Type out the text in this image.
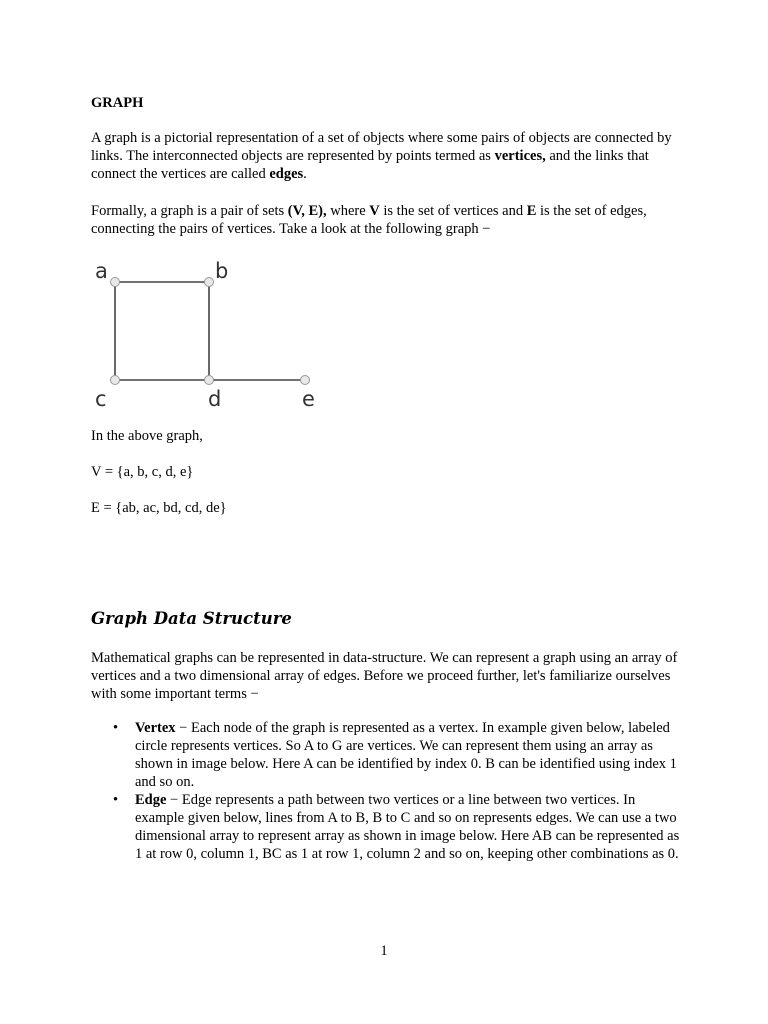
GRAPH
A graph is a pictorial representation of a set of objects where some pairs of objects are connected by links. The interconnected objects are represented by points termed as vertices, and the links that connect the vertices are called edges.
Formally, a graph is a pair of sets (V, E), where V is the set of vertices and E is the set of edges, connecting the pairs of vertices. Take a look at the following graph −
a	b
c	d	e
In the above graph,
V = {a, b, c, d, e}
E = {ab, ac, bd, cd, de}
Graph Data Structure
Mathematical graphs can be represented in data-structure. We can represent a graph using an array of vertices and a two dimensional array of edges. Before we proceed further, let's familiarize ourselves with some important terms −
• Vertex − Each node of the graph is represented as a vertex. In example given below, labeled circle represents vertices. So A to G are vertices. We can represent them using an array as shown in image below. Here A can be identified by index 0. B can be identified using index 1 and so on.
• Edge − Edge represents a path between two vertices or a line between two vertices. In example given below, lines from A to B, B to C and so on represents edges. We can use a two dimensional array to represent array as shown in image below. Here AB can be represented as 1 at row 0, column 1, BC as 1 at row 1, column 2 and so on, keeping other combinations as 0.
1
